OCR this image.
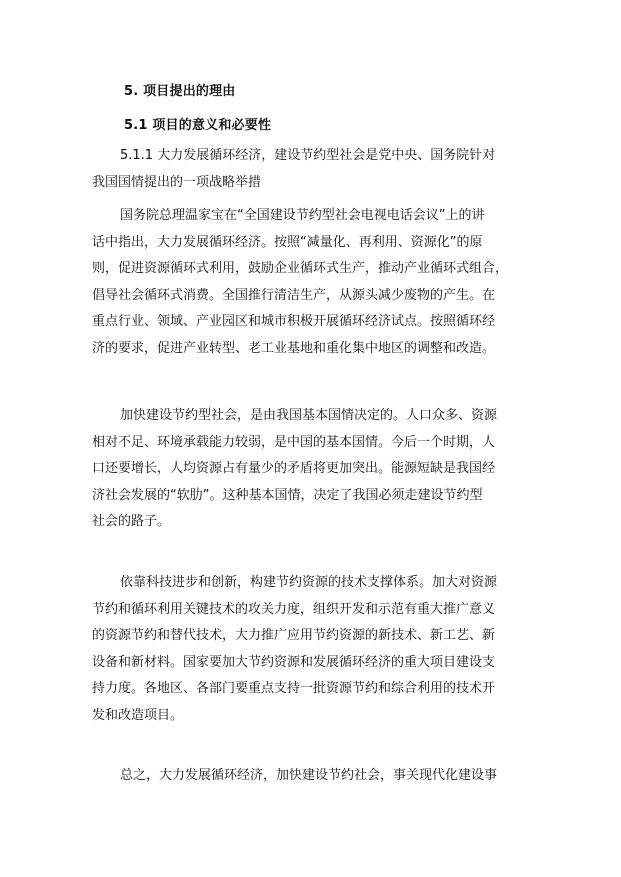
5. 项目提出的理由
5.1 项目的意义和必要性
5.1.1 大力发展循环经济，建设节约型社会是党中央、国务院针对
我国国情提出的一项战略举措
国务院总理温家宝在“全国建设节约型社会电视电话会议”上的讲
话中指出，大力发展循环经济。按照“减量化、再利用、资源化”的原
则，促进资源循环式利用，鼓励企业循环式生产，推动产业循环式组合，
倡导社会循环式消费。全国推行清洁生产，从源头减少废物的产生。在
重点行业、领域、产业园区和城市积极开展循环经济试点。按照循环经
济的要求，促进产业转型、老工业基地和重化集中地区的调整和改造。
加快建设节约型社会，是由我国基本国情决定的。人口众多、资源
相对不足、环境承载能力较弱，是中国的基本国情。今后一个时期，人
口还要增长，人均资源占有量少的矛盾将更加突出。能源短缺是我国经
济社会发展的“软肋”。这种基本国情，决定了我国必须走建设节约型
社会的路子。
依靠科技进步和创新，构建节约资源的技术支撑体系。加大对资源
节约和循环利用关键技术的攻关力度，组织开发和示范有重大推广意义
的资源节约和替代技术，大力推广应用节约资源的新技术、新工艺、新
设备和新材料。国家要加大节约资源和发展循环经济的重大项目建设支
持力度。各地区、各部门要重点支持一批资源节约和综合利用的技术开
发和改造项目。
总之，大力发展循环经济，加快建设节约社会，事关现代化建设事
